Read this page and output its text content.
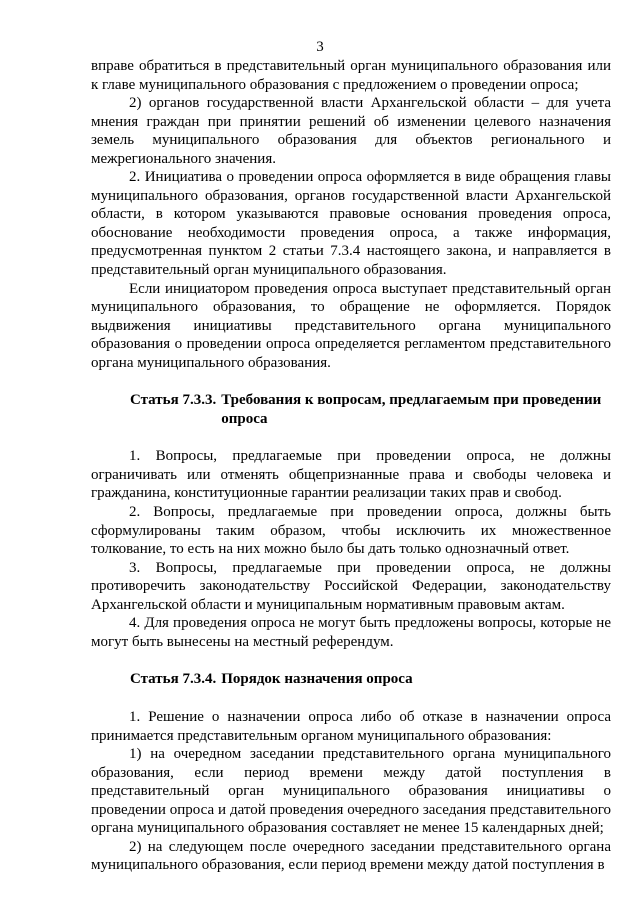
3

вправе обратиться в представительный орган муниципального образования или к главе муниципального образования с предложением о проведении опроса;

2) органов государственной власти Архангельской области – для учета мнения граждан при принятии решений об изменении целевого назначения земель муниципального образования для объектов регионального и межрегионального значения.

2. Инициатива о проведении опроса оформляется в виде обращения главы муниципального образования, органов государственной власти Архангельской области, в котором указываются правовые основания проведения опроса, обоснование необходимости проведения опроса, а также информация, предусмотренная пунктом 2 статьи 7.3.4 настоящего закона, и направляется в представительный орган муниципального образования.

Если инициатором проведения опроса выступает представительный орган муниципального образования, то обращение не оформляется. Порядок выдвижения инициативы представительного органа муниципального образования о проведении опроса определяется регламентом представительного органа муниципального образования.

Статья 7.3.3. Требования к вопросам, предлагаемым при проведении опроса

1. Вопросы, предлагаемые при проведении опроса, не должны ограничивать или отменять общепризнанные права и свободы человека и гражданина, конституционные гарантии реализации таких прав и свобод.

2. Вопросы, предлагаемые при проведении опроса, должны быть сформулированы таким образом, чтобы исключить их множественное толкование, то есть на них можно было бы дать только однозначный ответ.

3. Вопросы, предлагаемые при проведении опроса, не должны противоречить законодательству Российской Федерации, законодательству Архангельской области и муниципальным нормативным правовым актам.

4. Для проведения опроса не могут быть предложены вопросы, которые не могут быть вынесены на местный референдум.

Статья 7.3.4. Порядок назначения опроса

1. Решение о назначении опроса либо об отказе в назначении опроса принимается представительным органом муниципального образования:

1) на очередном заседании представительного органа муниципального образования, если период времени между датой поступления в представительный орган муниципального образования инициативы о проведении опроса и датой проведения очередного заседания представительного органа муниципального образования составляет не менее 15 календарных дней;

2) на следующем после очередного заседании представительного органа муниципального образования, если период времени между датой поступления в
